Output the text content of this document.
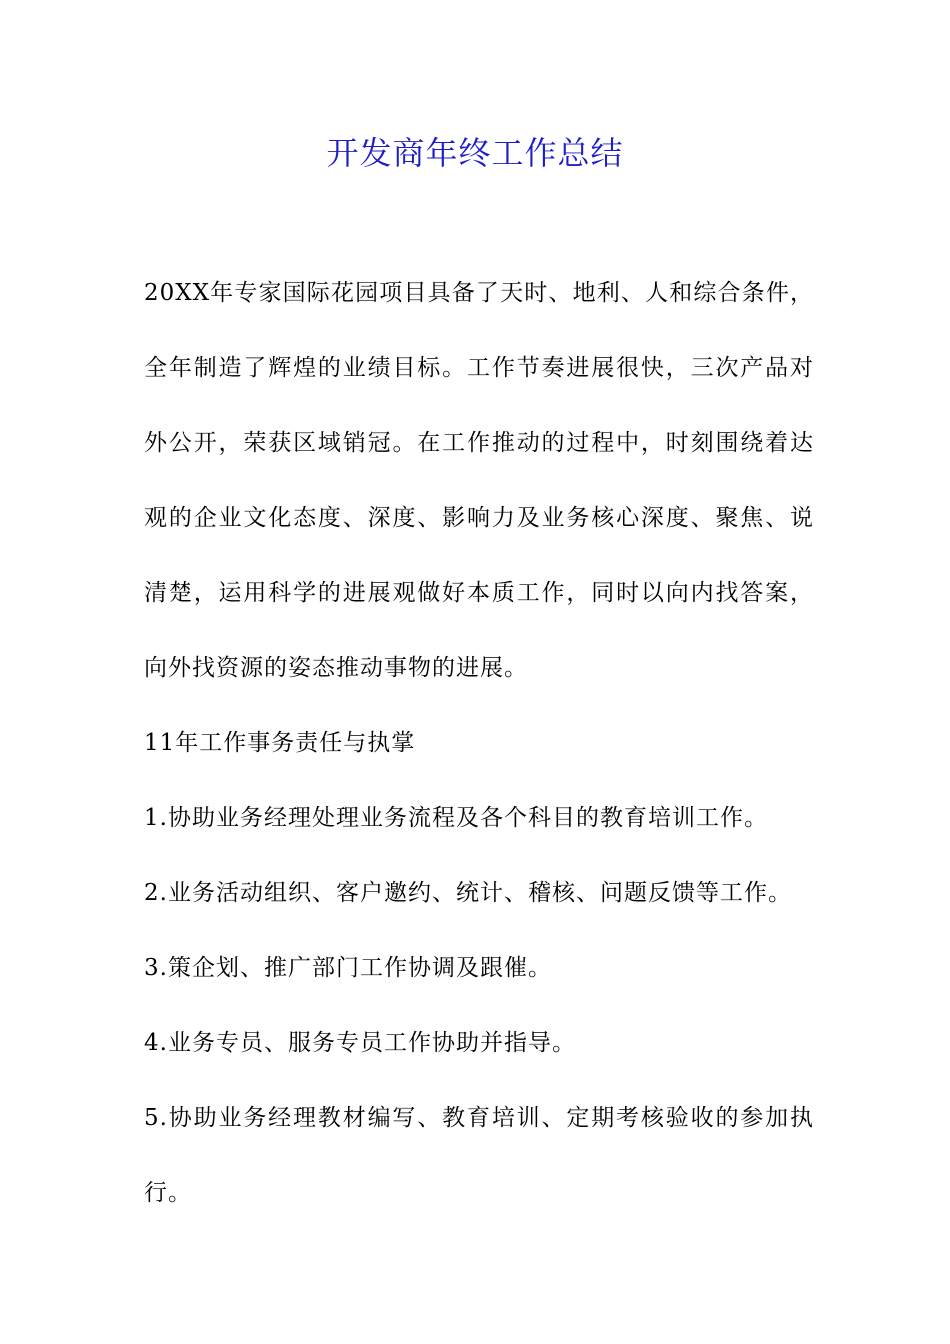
开发商年终工作总结

20XX年专家国际花园项目具备了天时、地利、人和综合条件，全年制造了辉煌的业绩目标。工作节奏进展很快，三次产品对外公开，荣获区域销冠。在工作推动的过程中，时刻围绕着达观的企业文化态度、深度、影响力及业务核心深度、聚焦、说清楚，运用科学的进展观做好本质工作，同时以向内找答案，向外找资源的姿态推动事物的进展。

11年工作事务责任与执掌

1.协助业务经理处理业务流程及各个科目的教育培训工作。

2.业务活动组织、客户邀约、统计、稽核、问题反馈等工作。

3.策企划、推广部门工作协调及跟催。

4.业务专员、服务专员工作协助并指导。

5.协助业务经理教材编写、教育培训、定期考核验收的参加执行。
